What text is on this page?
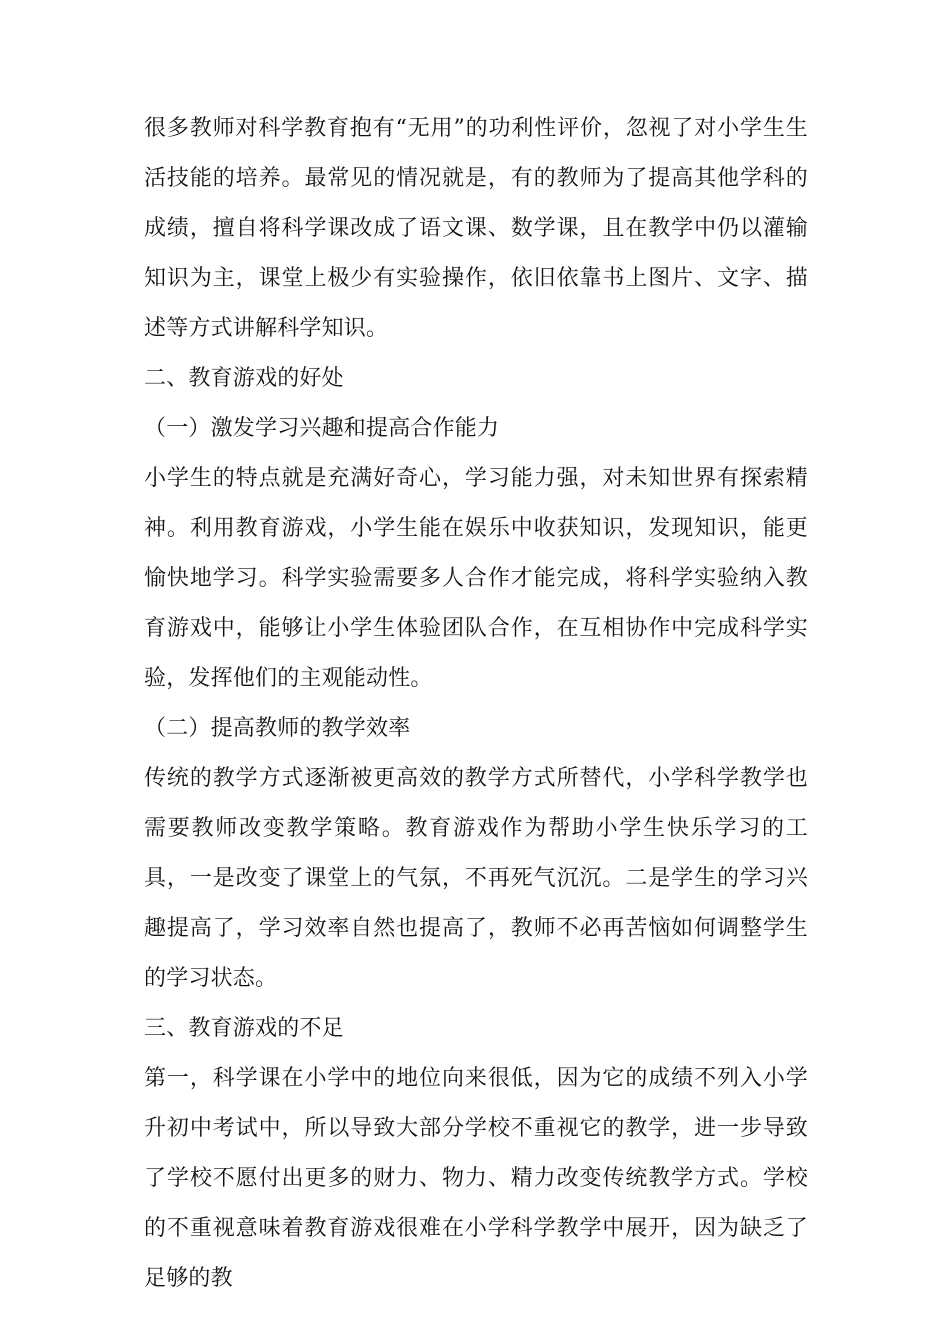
很多教师对科学教育抱有“无用”的功利性评价，忽视了对小学生生活技能的培养。最常见的情况就是，有的教师为了提高其他学科的成绩，擅自将科学课改成了语文课、数学课，且在教学中仍以灌输知识为主，课堂上极少有实验操作，依旧依靠书上图片、文字、描述等方式讲解科学知识。

二、教育游戏的好处

（一）激发学习兴趣和提高合作能力

小学生的特点就是充满好奇心，学习能力强，对未知世界有探索精神。利用教育游戏，小学生能在娱乐中收获知识，发现知识，能更愉快地学习。科学实验需要多人合作才能完成，将科学实验纳入教育游戏中，能够让小学生体验团队合作，在互相协作中完成科学实验，发挥他们的主观能动性。

（二）提高教师的教学效率

传统的教学方式逐渐被更高效的教学方式所替代，小学科学教学也需要教师改变教学策略。教育游戏作为帮助小学生快乐学习的工具，一是改变了课堂上的气氛，不再死气沉沉。二是学生的学习兴趣提高了，学习效率自然也提高了，教师不必再苦恼如何调整学生的学习状态。

三、教育游戏的不足

第一，科学课在小学中的地位向来很低，因为它的成绩不列入小学升初中考试中，所以导致大部分学校不重视它的教学，进一步导致了学校不愿付出更多的财力、物力、精力改变传统教学方式。学校的不重视意味着教育游戏很难在小学科学教学中展开，因为缺乏了足够的教
